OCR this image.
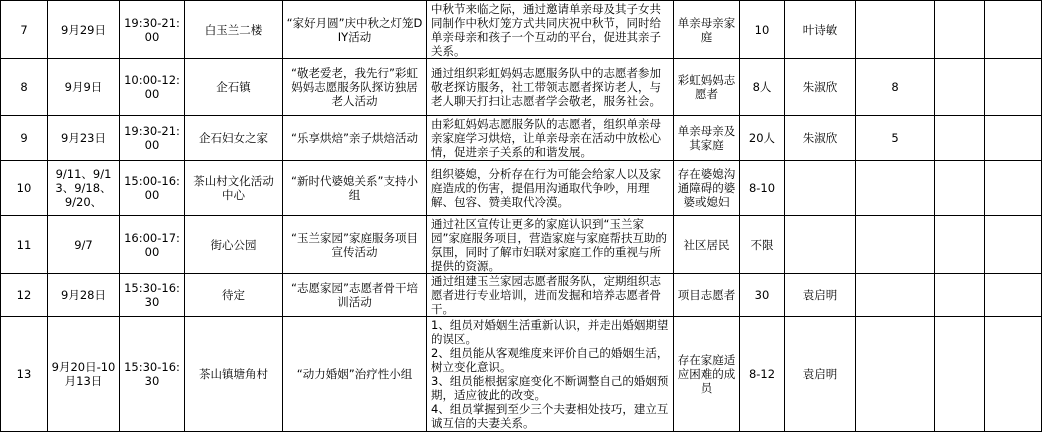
7	9月29日	19:30-21:00	白玉兰二楼	“家好月圆”庆中秋之灯笼DIY活动	中秋节来临之际，通过邀请单亲母及其子女共同制作中秋灯笼方式共同庆祝中秋节，同时给单亲母亲和孩子一个互动的平台，促进其亲子关系。	单亲母亲家庭	10	叶诗敏			
8	9月9日	10:00-12:00	企石镇	“敬老爱老，我先行”彩虹妈妈志愿服务队探访独居老人活动	通过组织彩虹妈妈志愿服务队中的志愿者参加敬老探访服务，社工带领志愿者探访老人，与老人聊天打扫让志愿者学会敬老，服务社会。	彩虹妈妈志愿者	8人	朱淑欣	8		
9	9月23日	19:30-21:00	企石妇女之家	“乐享烘焙”亲子烘焙活动	由彩虹妈妈志愿服务队的志愿者，组织单亲母亲家庭学习烘焙，让单亲母亲在活动中放松心情，促进亲子关系的和谐发展。	单亲母亲及其家庭	20人	朱淑欣	5		
10	9/11、9/13、9/18、9/20、	15:00-16:00	茶山村文化活动中心	“新时代婆媳关系”支持小组	组织婆媳，分析存在行为可能会给家人以及家庭造成的伤害，提倡用沟通取代争吵，用理解、包容、赞美取代冷漠。	存在婆媳沟通障碍的婆婆或媳妇	8-10				
11	9/7	16:00-17:00	街心公园	“玉兰家园”家庭服务项目宣传活动	通过社区宣传让更多的家庭认识到“玉兰家园”家庭服务项目，营造家庭与家庭帮扶互助的氛围，同时了解市妇联对家庭工作的重视与所提供的资源。	社区居民	不限				
12	9月28日	15:30-16:30	待定	“志愿家园”志愿者骨干培训活动	通过组建玉兰家园志愿者服务队，定期组织志愿者进行专业培训，进而发掘和培养志愿者骨干。	项目志愿者	30	袁启明			
13	9月20日-10月13日	15:30-16:30	茶山镇塘角村	“动力婚姻”治疗性小组	1、组员对婚姻生活重新认识，并走出婚姻期望的误区。
2、组员能从客观维度来评价自己的婚姻生活，树立变化意识。
3、组员能根据家庭变化不断调整自己的婚姻预期，适应彼此的改变。
4、组员掌握到至少三个夫妻相处技巧，建立互诚互信的夫妻关系。	存在家庭适应困难的成员	8-12	袁启明			
